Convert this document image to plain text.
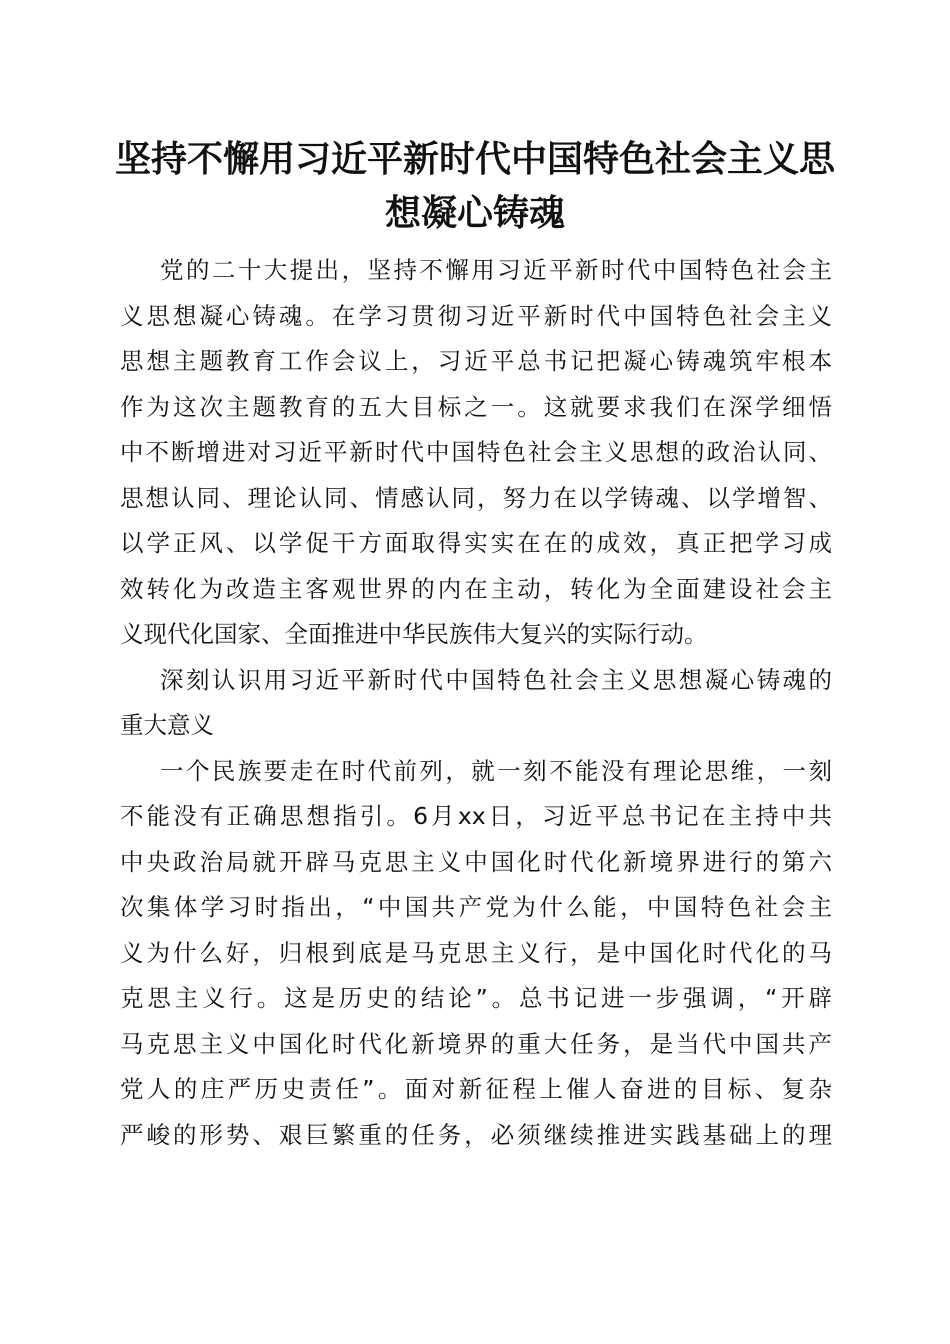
坚持不懈用习近平新时代中国特色社会主义思
想凝心铸魂
党的二十大提出，坚持不懈用习近平新时代中国特色社会主
义思想凝心铸魂。在学习贯彻习近平新时代中国特色社会主义
思想主题教育工作会议上，习近平总书记把凝心铸魂筑牢根本
作为这次主题教育的五大目标之一。这就要求我们在深学细悟
中不断增进对习近平新时代中国特色社会主义思想的政治认同、
思想认同、理论认同、情感认同，努力在以学铸魂、以学增智、
以学正风、以学促干方面取得实实在在的成效，真正把学习成
效转化为改造主客观世界的内在主动，转化为全面建设社会主
义现代化国家、全面推进中华民族伟大复兴的实际行动。
深刻认识用习近平新时代中国特色社会主义思想凝心铸魂的
重大意义
一个民族要走在时代前列，就一刻不能没有理论思维，一刻
不能没有正确思想指引。6月xx日，习近平总书记在主持中共
中央政治局就开辟马克思主义中国化时代化新境界进行的第六
次集体学习时指出，“中国共产党为什么能，中国特色社会主
义为什么好，归根到底是马克思主义行，是中国化时代化的马
克思主义行。这是历史的结论”。总书记进一步强调，“开辟
马克思主义中国化时代化新境界的重大任务，是当代中国共产
党人的庄严历史责任”。面对新征程上催人奋进的目标、复杂
严峻的形势、艰巨繁重的任务，必须继续推进实践基础上的理
